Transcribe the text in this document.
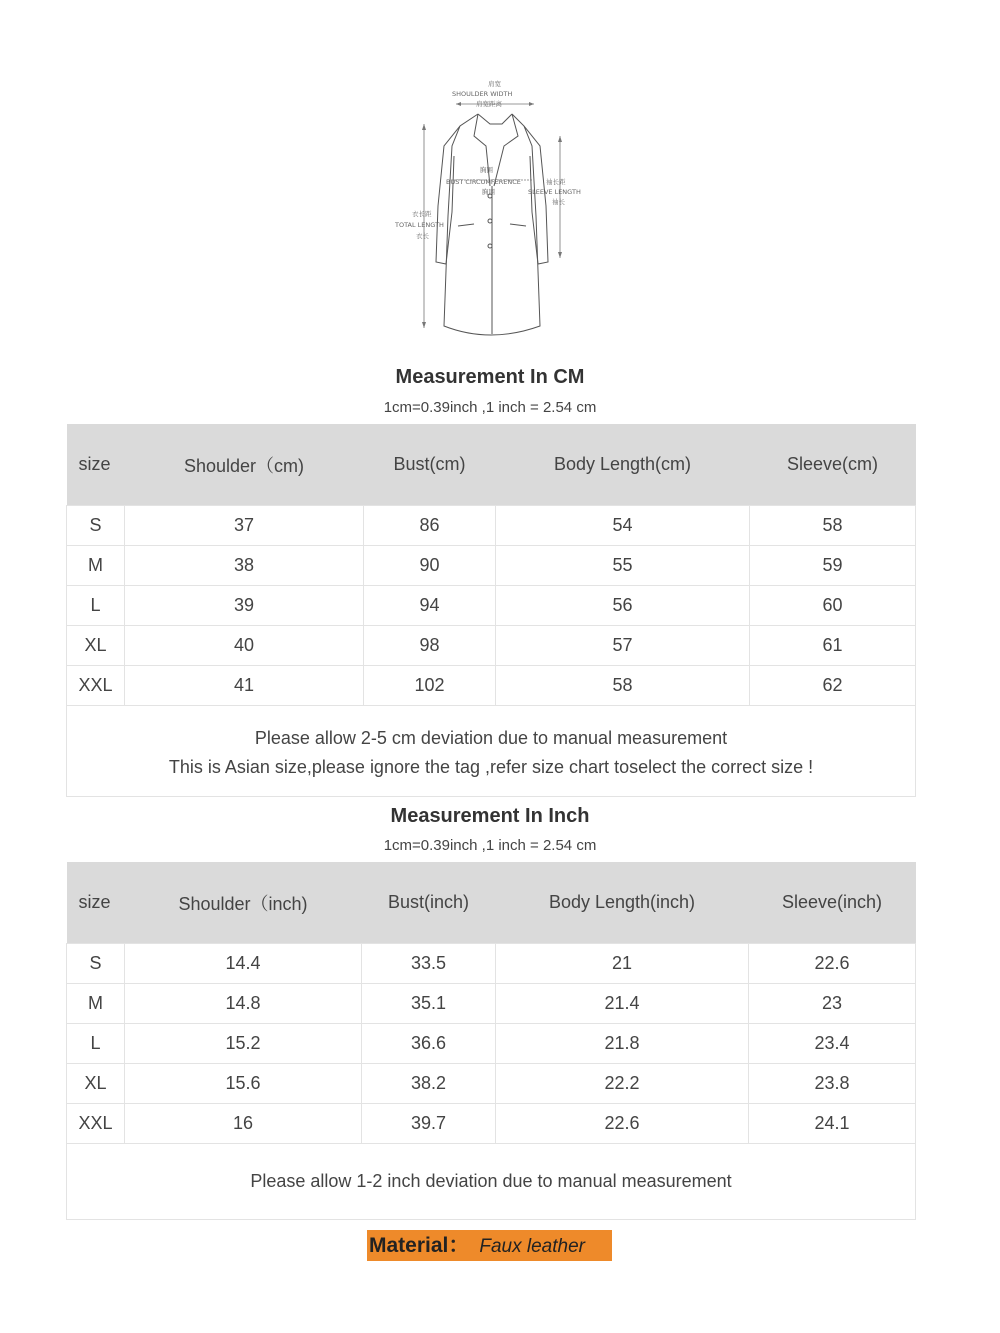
肩宽
SHOULDER WIDTH
肩宽距离
衣长距
TOTAL LENGTH
衣长
袖长距
SLEEVE LENGTH
袖长
胸围
BUST CIRCUMFERENCE
胸围
Measurement In CM
1cm=0.39inch ,1 inch = 2.54 cm
size	Shoulder（cm)	Bust(cm)	Body Length(cm)	Sleeve(cm)
S	37	86	54	58
M	38	90	55	59
L	39	94	56	60
XL	40	98	57	61
XXL	41	102	58	62

Please allow 2-5 cm deviation due to manual measurement
This is Asian size,please ignore the tag ,refer size chart toselect the correct size !				
Measurement In Inch
1cm=0.39inch ,1 inch = 2.54 cm
size	Shoulder（inch)	Bust(inch)	Body Length(inch)	Sleeve(inch)
S	14.4	33.5	21	22.6
M	14.8	35.1	21.4	23
L	15.2	36.6	21.8	23.4
XL	15.6	38.2	22.2	23.8
XXL	16	39.7	22.6	24.1

Please allow 1-2 inch deviation due to manual measurement				
Material： Faux leather
